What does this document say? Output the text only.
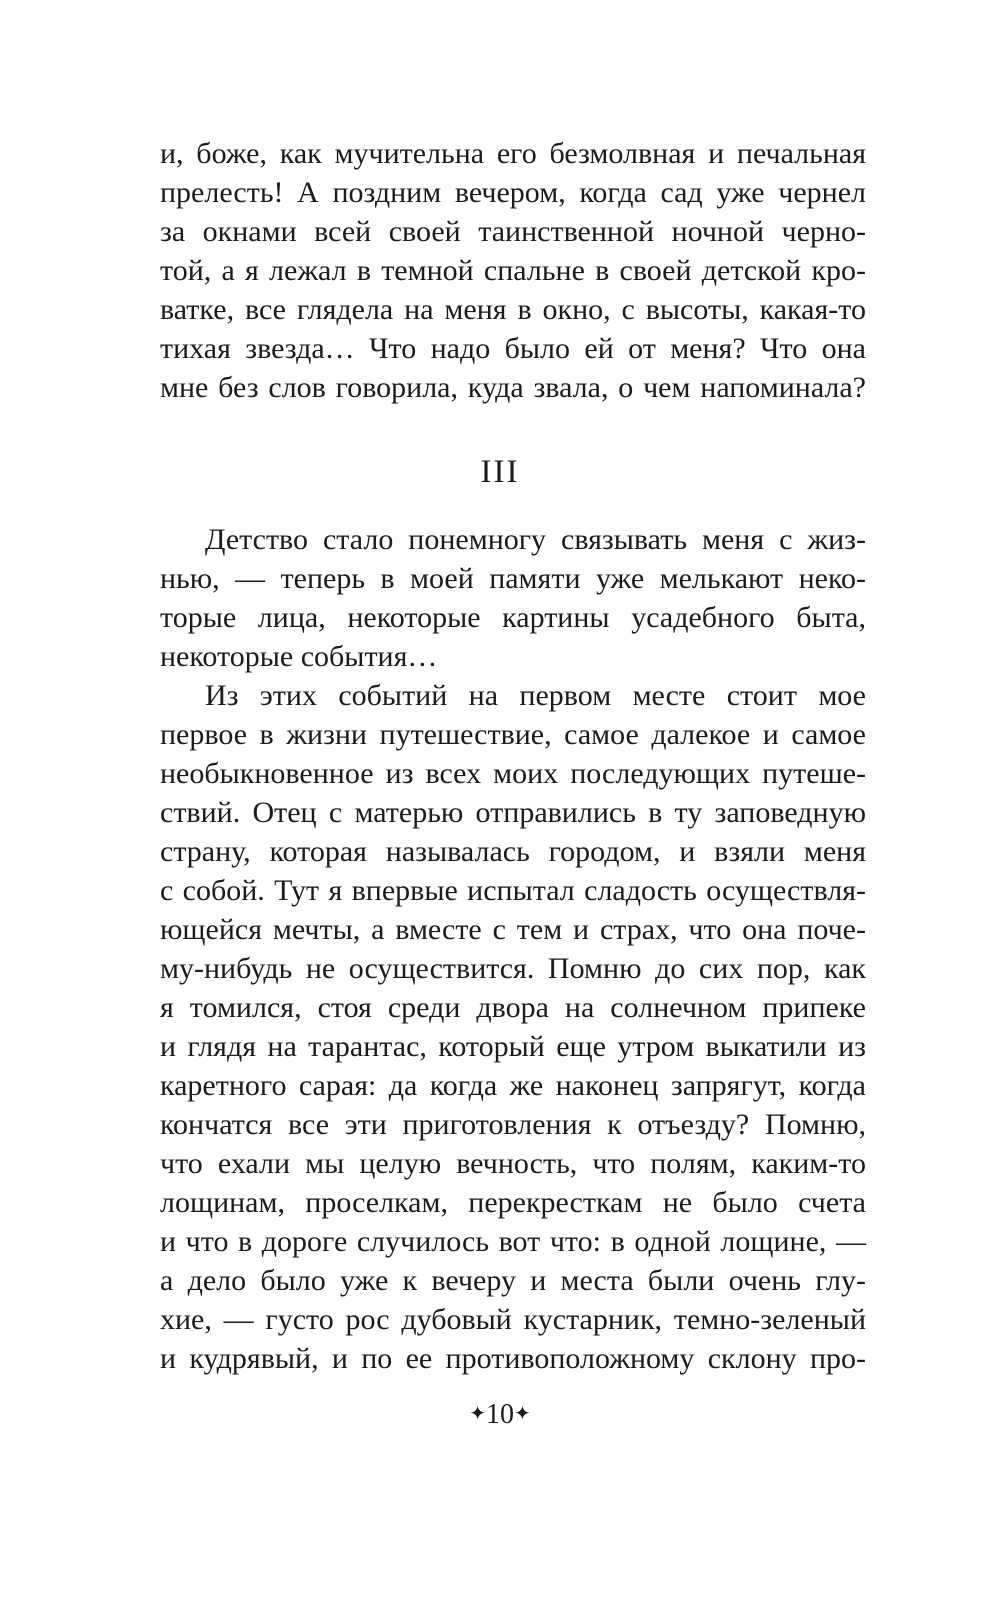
и, боже, как мучительна его безмолвная и печальная
прелесть! А поздним вечером, когда сад уже чернел
за окнами всей своей таинственной ночной черно-
той, а я лежал в темной спальне в своей детской кро-
ватке, все глядела на меня в окно, с высоты, какая-то
тихая звезда… Что надо было ей от меня? Что она
мне без слов говорила, куда звала, о чем напоминала?
III
Детство стало понемногу связывать меня с жиз-
нью, — теперь в моей памяти уже мелькают неко-
торые лица, некоторые картины усадебного быта,
некоторые события…
Из этих событий на первом месте стоит мое
первое в жизни путешествие, самое далекое и самое
необыкновенное из всех моих последующих путеше-
ствий. Отец с матерью отправились в ту заповедную
страну, которая называлась городом, и взяли меня
с собой. Тут я впервые испытал сладость осуществля-
ющейся мечты, а вместе с тем и страх, что она поче-
му-нибудь не осуществится. Помню до сих пор, как
я томился, стоя среди двора на солнечном припеке
и глядя на тарантас, который еще утром выкатили из
каретного сарая: да когда же наконец запрягут, когда
кончатся все эти приготовления к отъезду? Помню,
что ехали мы целую вечность, что полям, каким-то
лощинам, проселкам, перекресткам не было счета
и что в дороге случилось вот что: в одной лощине, —
а дело было уже к вечеру и места были очень глу-
хие, — густо рос дубовый кустарник, темно-зеленый
и кудрявый, и по ее противоположному склону про-
✦10✦
